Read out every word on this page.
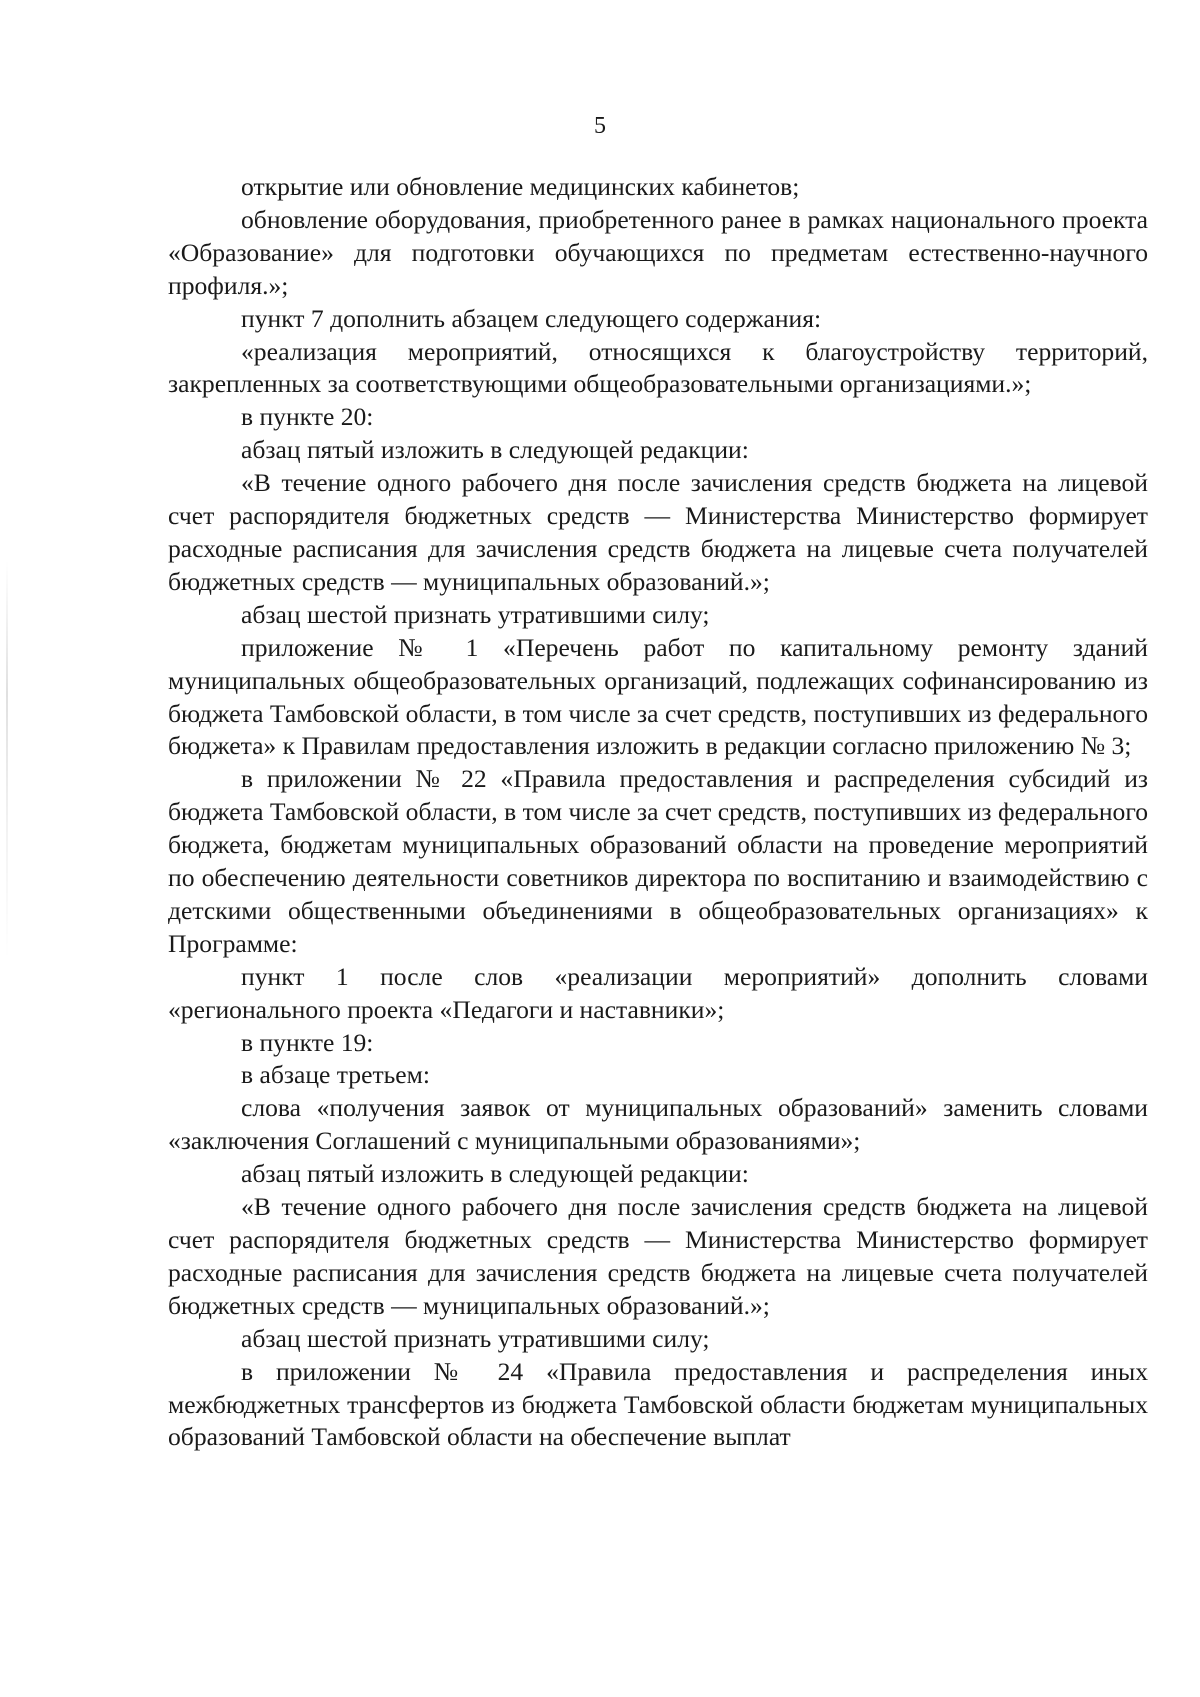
5

открытие или обновление медицинских кабинетов;

обновление оборудования, приобретенного ранее в рамках национального проекта «Образование» для подготовки обучающихся по предметам естественно-научного профиля.»;

пункт 7 дополнить абзацем следующего содержания:

«реализация мероприятий, относящихся к благоустройству территорий, закрепленных за соответствующими общеобразовательными организациями.»;

в пункте 20:

абзац пятый изложить в следующей редакции:

«В течение одного рабочего дня после зачисления средств бюджета на лицевой счет распорядителя бюджетных средств — Министерства Министерство формирует расходные расписания для зачисления средств бюджета на лицевые счета получателей бюджетных средств — муниципальных образований.»;

абзац шестой признать утратившими силу;

приложение № 1 «Перечень работ по капитальному ремонту зданий муниципальных общеобразовательных организаций, подлежащих софинансированию из бюджета Тамбовской области, в том числе за счет средств, поступивших из федерального бюджета» к Правилам предоставления изложить в редакции согласно приложению № 3;

в приложении № 22 «Правила предоставления и распределения субсидий из бюджета Тамбовской области, в том числе за счет средств, поступивших из федерального бюджета, бюджетам муниципальных образований области на проведение мероприятий по обеспечению деятельности советников директора по воспитанию и взаимодействию с детскими общественными объединениями в общеобразовательных организациях» к Программе:

пункт 1 после слов «реализации мероприятий» дополнить словами «регионального проекта «Педагоги и наставники»;

в пункте 19:

в абзаце третьем:

слова «получения заявок от муниципальных образований» заменить словами «заключения Соглашений с муниципальными образованиями»;

абзац пятый изложить в следующей редакции:

«В течение одного рабочего дня после зачисления средств бюджета на лицевой счет распорядителя бюджетных средств — Министерства Министерство формирует расходные расписания для зачисления средств бюджета на лицевые счета получателей бюджетных средств — муниципальных образований.»;

абзац шестой признать утратившими силу;

в приложении № 24 «Правила предоставления и распределения иных межбюджетных трансфертов из бюджета Тамбовской области бюджетам муниципальных образований Тамбовской области на обеспечение выплат
